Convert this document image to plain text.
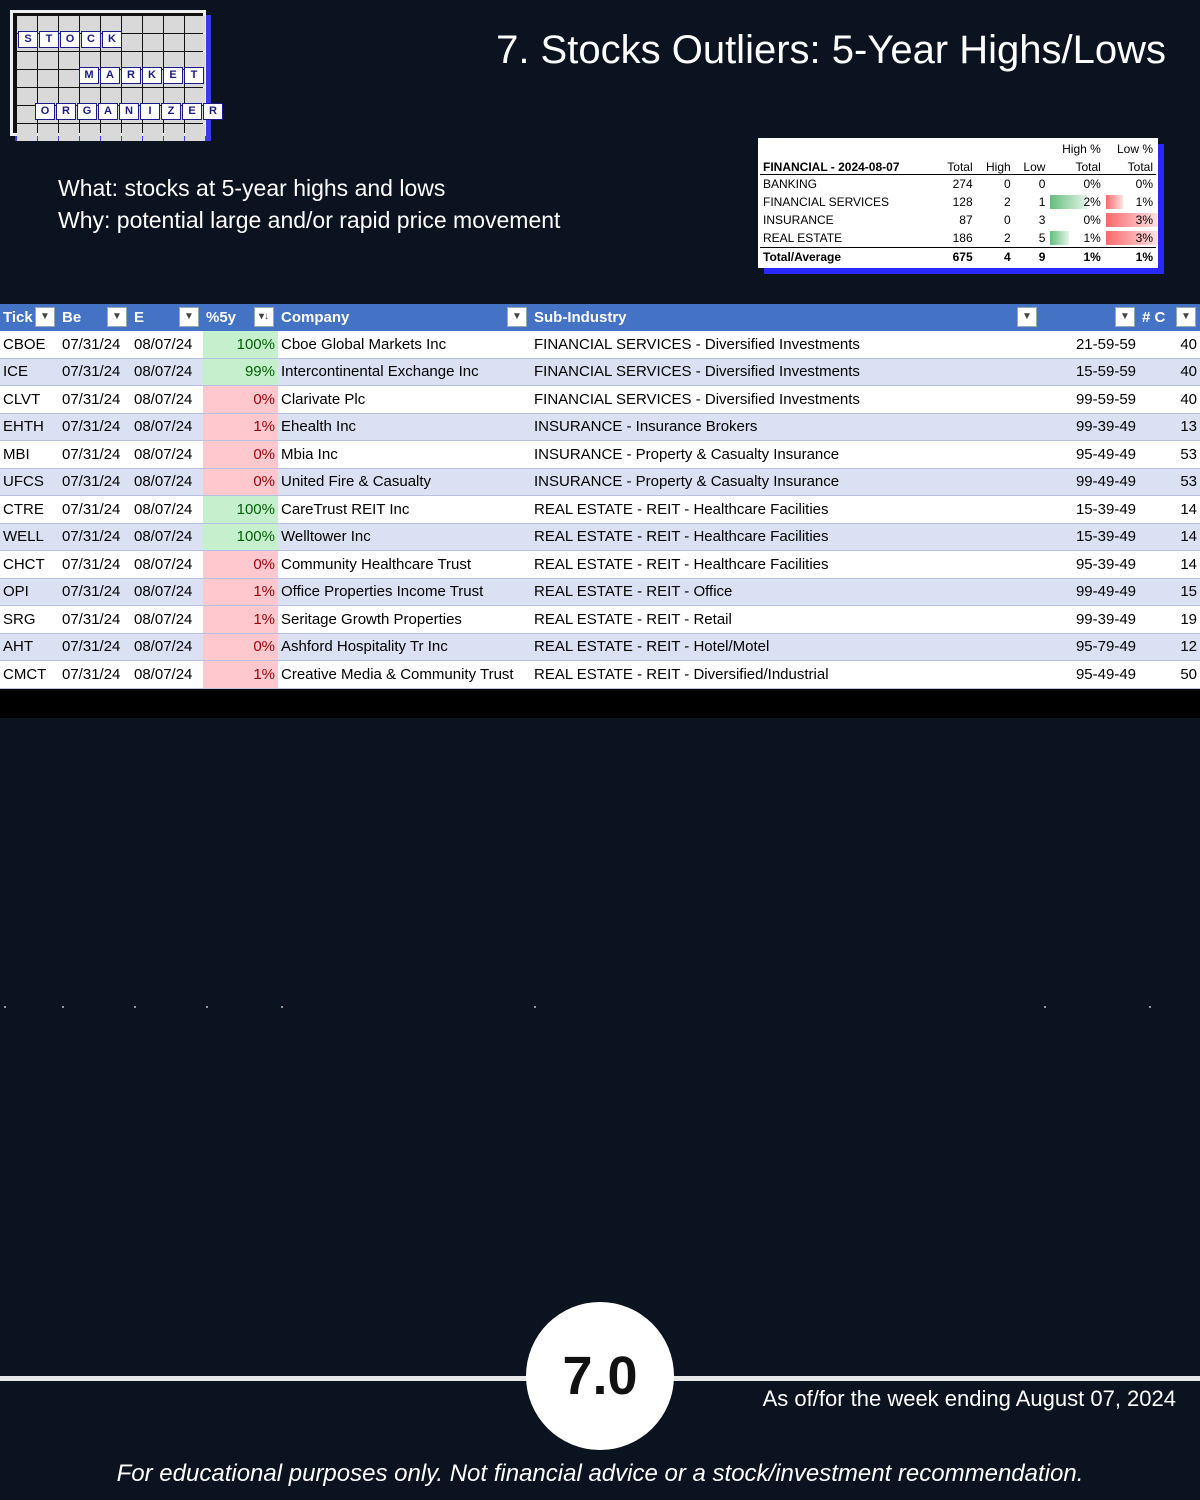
S	T	O	C	K
M	A	R	K	E	T
O	R	G	A	N	I	Z	E	R
7. Stocks Outliers: 5-Year Highs/Lows
What: stocks at 5-year highs and lows
Why: potential large and/or rapid price movement
				High %	Low %
FINANCIAL - 2024-08-07	Total	High	Low	Total	Total
BANKING	274	0	0	0%	0%
FINANCIAL SERVICES	128	2	1	2%	1%
INSURANCE	87	0	3	0%	3%
REAL ESTATE	186	2	5	1%	3%
Total/Average	675	4	9	1%	1%
Tick ▼	Be ▼	E ▼	%5y ▾↓	Company ▼	Sub-Industry ▼	▼	# C ▼

CBOE	07/31/24	08/07/24	100%	Cboe Global Markets Inc	FINANCIAL SERVICES - Diversified Investments	21-59-59	40
ICE	07/31/24	08/07/24	99%	Intercontinental Exchange Inc	FINANCIAL SERVICES - Diversified Investments	15-59-59	40
CLVT	07/31/24	08/07/24	0%	Clarivate Plc	FINANCIAL SERVICES - Diversified Investments	99-59-59	40
EHTH	07/31/24	08/07/24	1%	Ehealth Inc	INSURANCE - Insurance Brokers	99-39-49	13
MBI	07/31/24	08/07/24	0%	Mbia Inc	INSURANCE - Property & Casualty Insurance	95-49-49	53
UFCS	07/31/24	08/07/24	0%	United Fire & Casualty	INSURANCE - Property & Casualty Insurance	99-49-49	53
CTRE	07/31/24	08/07/24	100%	CareTrust REIT Inc	REAL ESTATE - REIT - Healthcare Facilities	15-39-49	14
WELL	07/31/24	08/07/24	100%	Welltower Inc	REAL ESTATE - REIT - Healthcare Facilities	15-39-49	14
CHCT	07/31/24	08/07/24	0%	Community Healthcare Trust	REAL ESTATE - REIT - Healthcare Facilities	95-39-49	14
OPI	07/31/24	08/07/24	1%	Office Properties Income Trust	REAL ESTATE - REIT - Office	99-49-49	15
SRG	07/31/24	08/07/24	1%	Seritage Growth Properties	REAL ESTATE - REIT - Retail	99-39-49	19
AHT	07/31/24	08/07/24	0%	Ashford Hospitality Tr Inc	REAL ESTATE - REIT - Hotel/Motel	95-79-49	12
CMCT	07/31/24	08/07/24	1%	Creative Media & Community Trust	REAL ESTATE - REIT - Diversified/Industrial	95-49-49	50
7.0	As of/for the week ending August 07, 2024
For educational purposes only. Not financial advice or a stock/investment recommendation.
